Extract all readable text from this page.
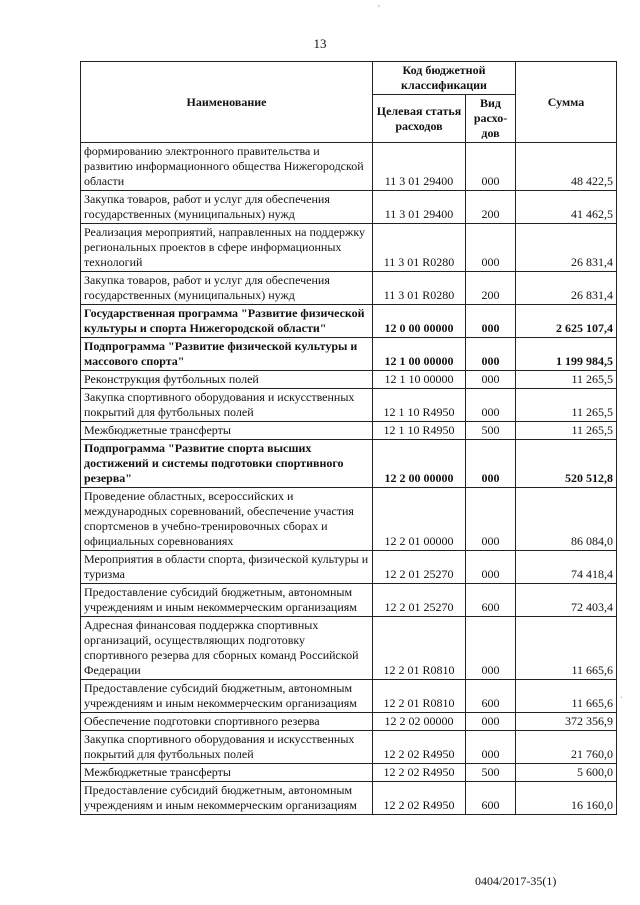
'
.
13
Наименование	Код бюджетной классификации		Сумма
	Целевая статья расходов	Вид расхо-дов	
формированию электронного правительства и развитию информационного общества Нижегородской области	11 3 01 29400	000	48 422,5
Закупка товаров, работ и услуг для обеспечения государственных (муниципальных) нужд	11 3 01 29400	200	41 462,5
Реализация мероприятий, направленных на поддержку региональных проектов в сфере информационных технологий	11 3 01 R0280	000	26 831,4
Закупка товаров, работ и услуг для обеспечения государственных (муниципальных) нужд	11 3 01 R0280	200	26 831,4
Государственная программа "Развитие физической культуры и спорта Нижегородской области"	12 0 00 00000	000	2 625 107,4
Подпрограмма "Развитие физической культуры и массового спорта"	12 1 00 00000	000	1 199 984,5
Реконструкция футбольных полей	12 1 10 00000	000	11 265,5
Закупка спортивного оборудования и искусственных покрытий для футбольных полей	12 1 10 R4950	000	11 265,5
Межбюджетные трансферты	12 1 10 R4950	500	11 265,5
Подпрограмма "Развитие спорта высших достижений и системы подготовки спортивного резерва"	12 2 00 00000	000	520 512,8
Проведение областных, всероссийских и международных соревнований, обеспечение участия спортсменов в учебно-тренировочных сборах и официальных соревнованиях	12 2 01 00000	000	86 084,0
Мероприятия в области спорта, физической культуры и туризма	12 2 01 25270	000	74 418,4
Предоставление субсидий бюджетным, автономным учреждениям и иным некоммерческим организациям	12 2 01 25270	600	72 403,4
Адресная финансовая поддержка спортивных организаций, осуществляющих подготовку спортивного резерва для сборных команд Российской Федерации	12 2 01 R0810	000	11 665,6
Предоставление субсидий бюджетным, автономным учреждениям и иным некоммерческим организациям	12 2 01 R0810	600	11 665,6
Обеспечение подготовки спортивного резерва	12 2 02 00000	000	372 356,9
Закупка спортивного оборудования и искусственных покрытий для футбольных полей	12 2 02 R4950	000	21 760,0
Межбюджетные трансферты	12 2 02 R4950	500	5 600,0
Предоставление субсидий бюджетным, автономным учреждениям и иным некоммерческим организациям	12 2 02 R4950	600	16 160,0
0404/2017-35(1)
